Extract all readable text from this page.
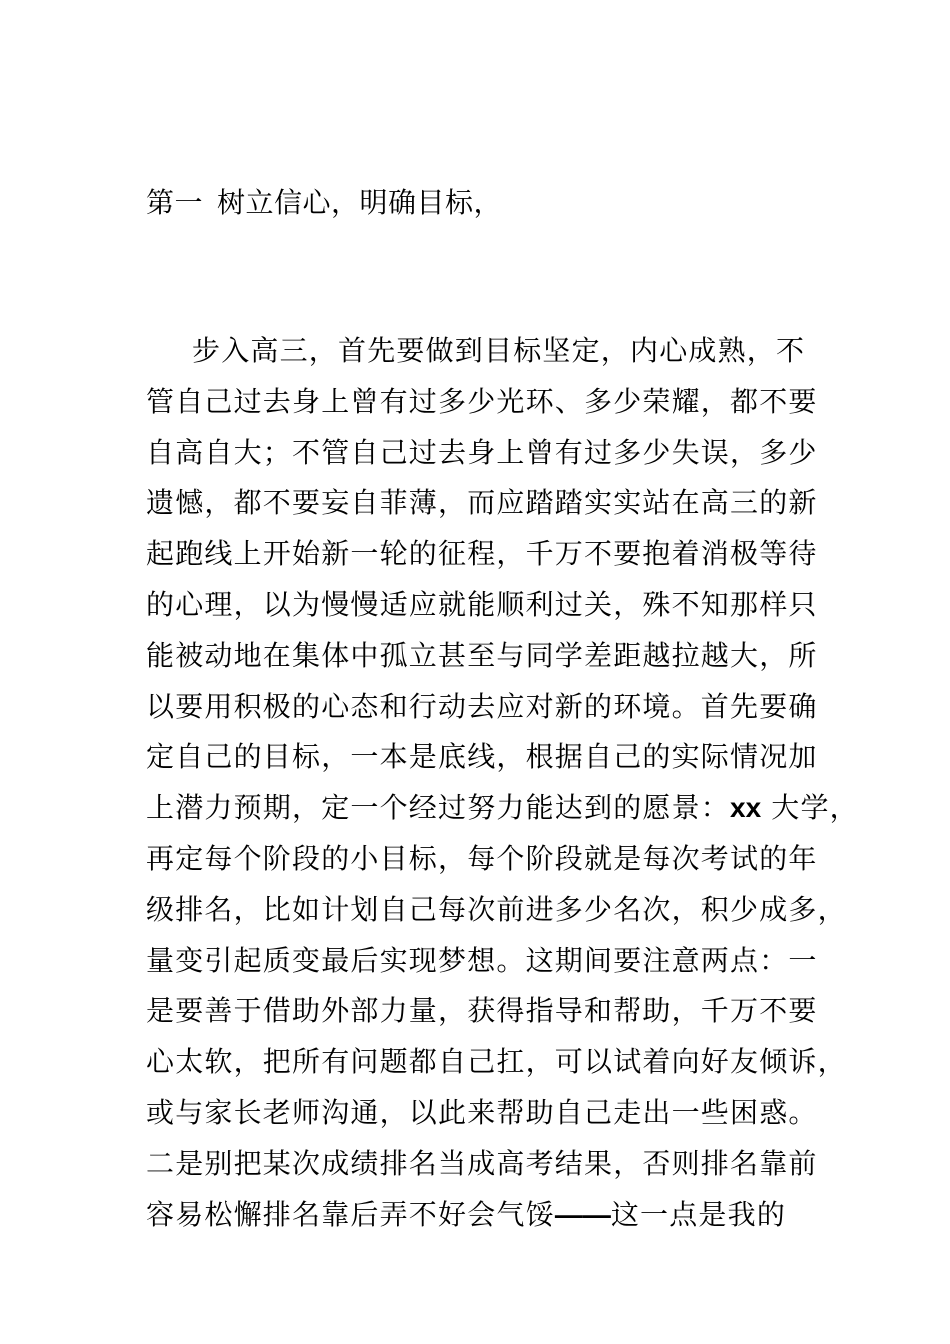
第一 树立信心，明确目标，
步入高三，首先要做到目标坚定，内心成熟，不
管自己过去身上曾有过多少光环、多少荣耀，都不要
自高自大；不管自己过去身上曾有过多少失误，多少
遗憾，都不要妄自菲薄，而应踏踏实实站在高三的新
起跑线上开始新一轮的征程，千万不要抱着消极等待
的心理，以为慢慢适应就能顺利过关，殊不知那样只
能被动地在集体中孤立甚至与同学差距越拉越大，所
以要用积极的心态和行动去应对新的环境。首先要确
定自己的目标，一本是底线，根据自己的实际情况加
上潜力预期，定一个经过努力能达到的愿景：xx 大学，
再定每个阶段的小目标，每个阶段就是每次考试的年
级排名，比如计划自己每次前进多少名次，积少成多，
量变引起质变最后实现梦想。这期间要注意两点：一
是要善于借助外部力量，获得指导和帮助，千万不要
心太软，把所有问题都自己扛，可以试着向好友倾诉，
或与家长老师沟通，以此来帮助自己走出一些困惑。
二是别把某次成绩排名当成高考结果，否则排名靠前
容易松懈排名靠后弄不好会气馁——这一点是我的
